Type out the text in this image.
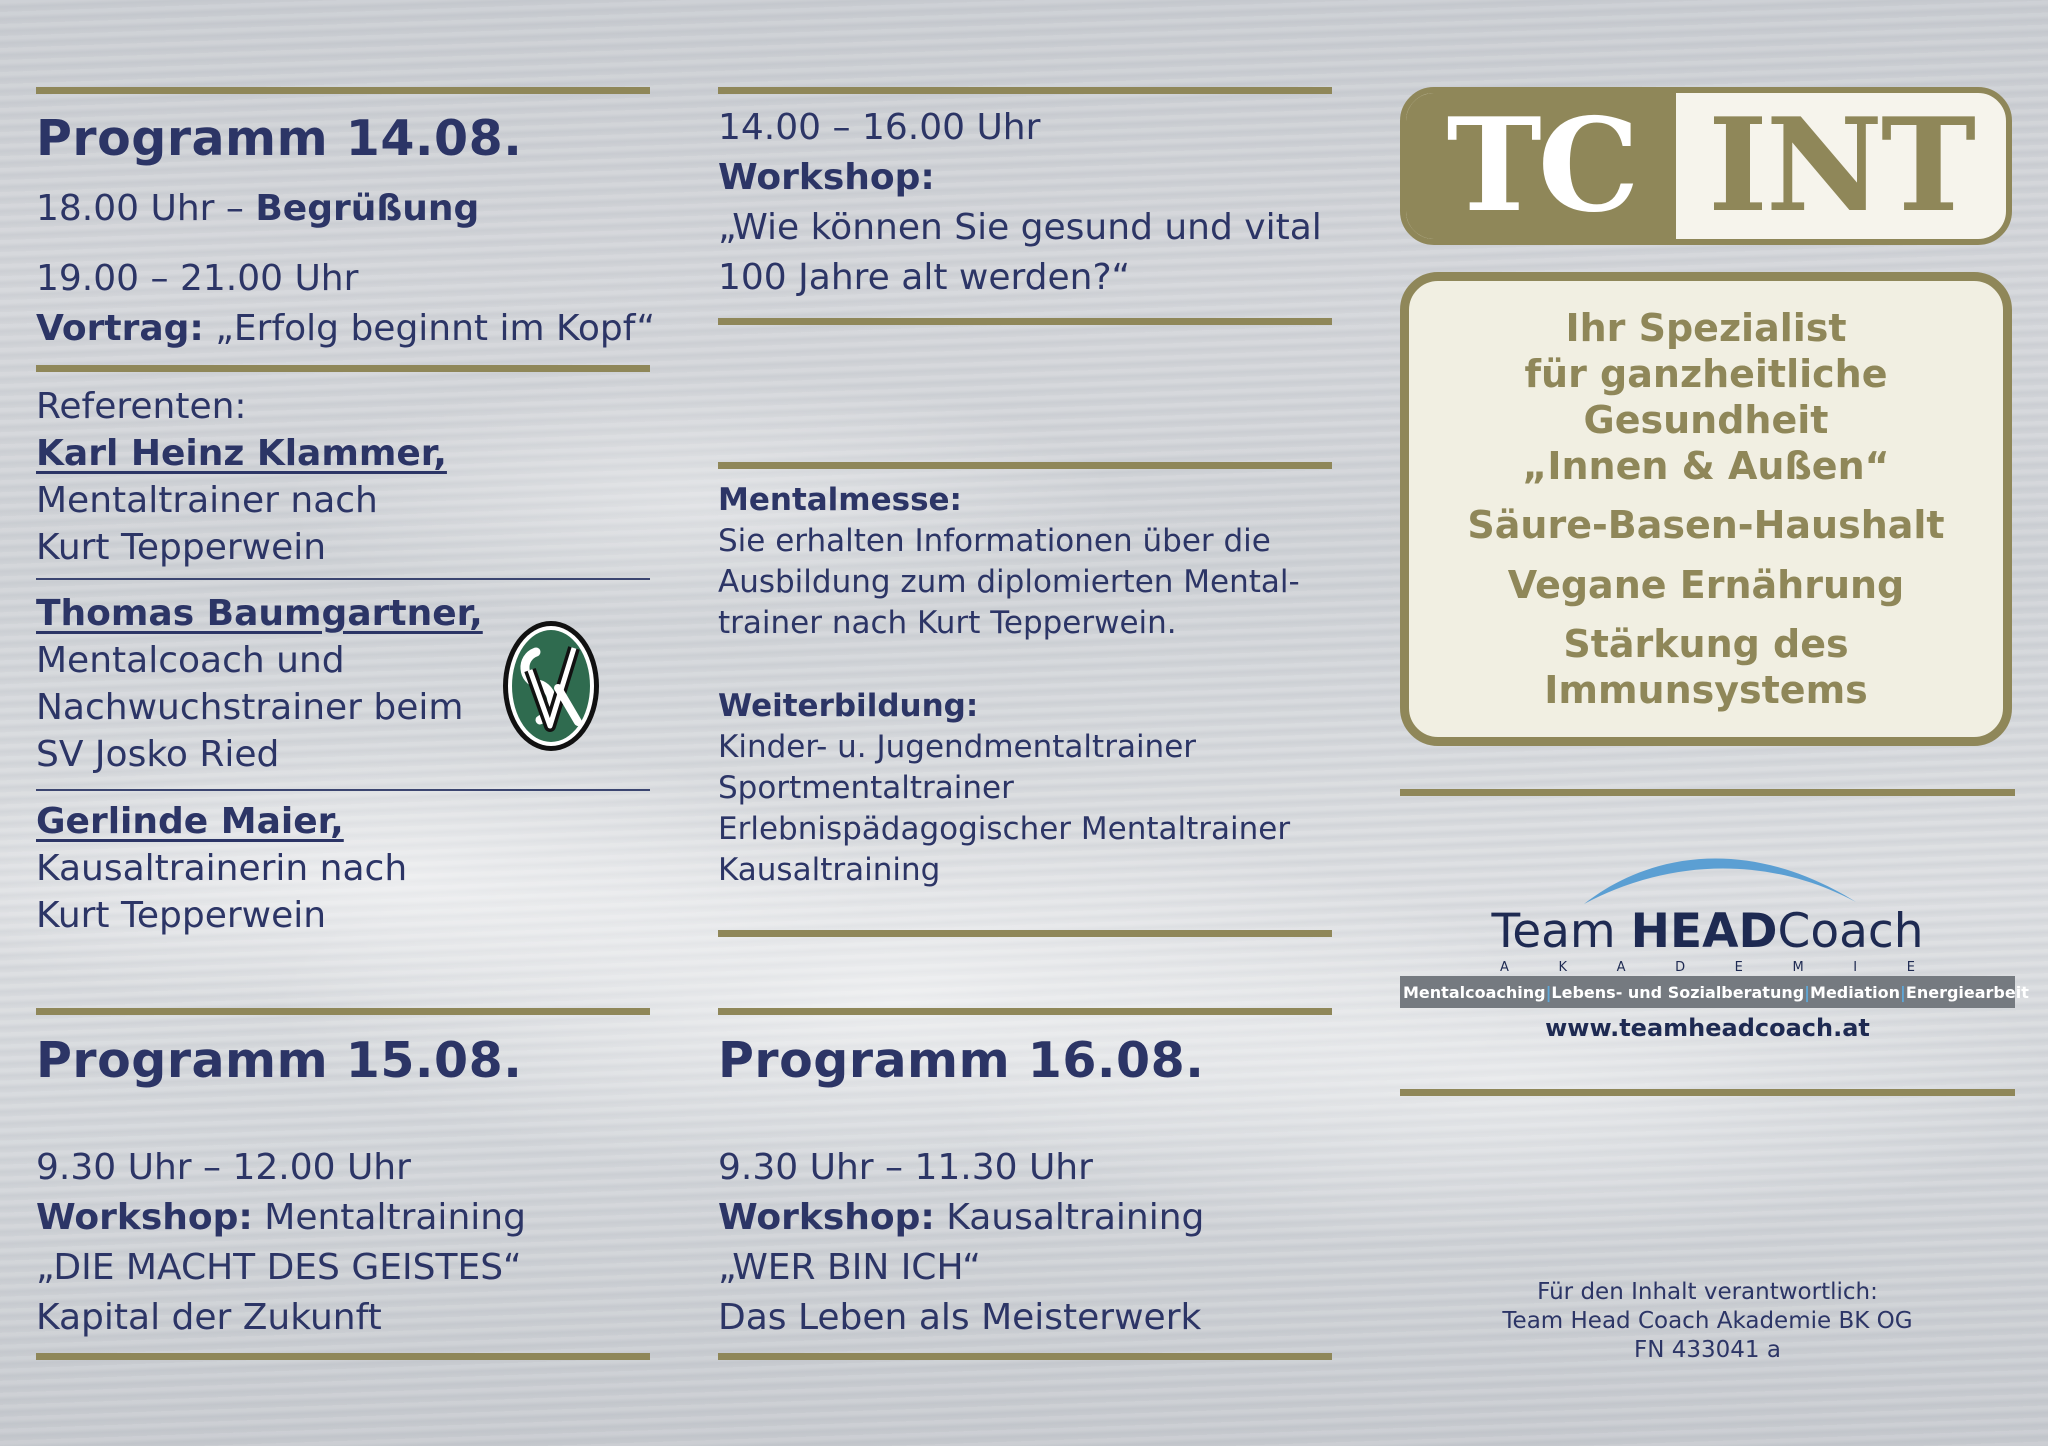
Programm 14.08.
18.00 Uhr – Begrüßung
19.00 – 21.00 Uhr
Vortrag: „Erfolg beginnt im Kopf“
Referenten:
Karl Heinz Klammer,
Mentaltrainer nach
Kurt Tepperwein
Thomas Baumgartner,
Mentalcoach und
Nachwuchstrainer beim
SV Josko Ried
Gerlinde Maier,
Kausaltrainerin nach
Kurt Tepperwein
Programm 15.08.
9.30 Uhr – 12.00 Uhr
Workshop: Mentaltraining
„DIE MACHT DES GEISTES“
Kapital der Zukunft
14.00 – 16.00 Uhr
Workshop:
„Wie können Sie gesund und vital
100 Jahre alt werden?“
Mentalmesse:
Sie erhalten Informationen über die
Ausbildung zum diplomierten Mental-
trainer nach Kurt Tepperwein.
Weiterbildung:
Kinder- u. Jugendmentaltrainer
Sportmentaltrainer
Erlebnispädagogischer Mentaltrainer
Kausaltraining
Programm 16.08.
9.30 Uhr – 11.30 Uhr
Workshop: Kausaltraining
„WER BIN ICH“
Das Leben als Meisterwerk
TC INT
Ihr Spezialist
für ganzheitliche
Gesundheit
„Innen & Außen“
Säure-Basen-Haushalt
Vegane Ernährung
Stärkung des
Immunsystems
Team HEADCoach
A	K	A	D	E	M	I	E
Mentalcoaching | Lebens- und Sozialberatung | Mediation | Energiearbeit
www.teamheadcoach.at
Für den Inhalt verantwortlich:
Team Head Coach Akademie BK OG
FN 433041 a
